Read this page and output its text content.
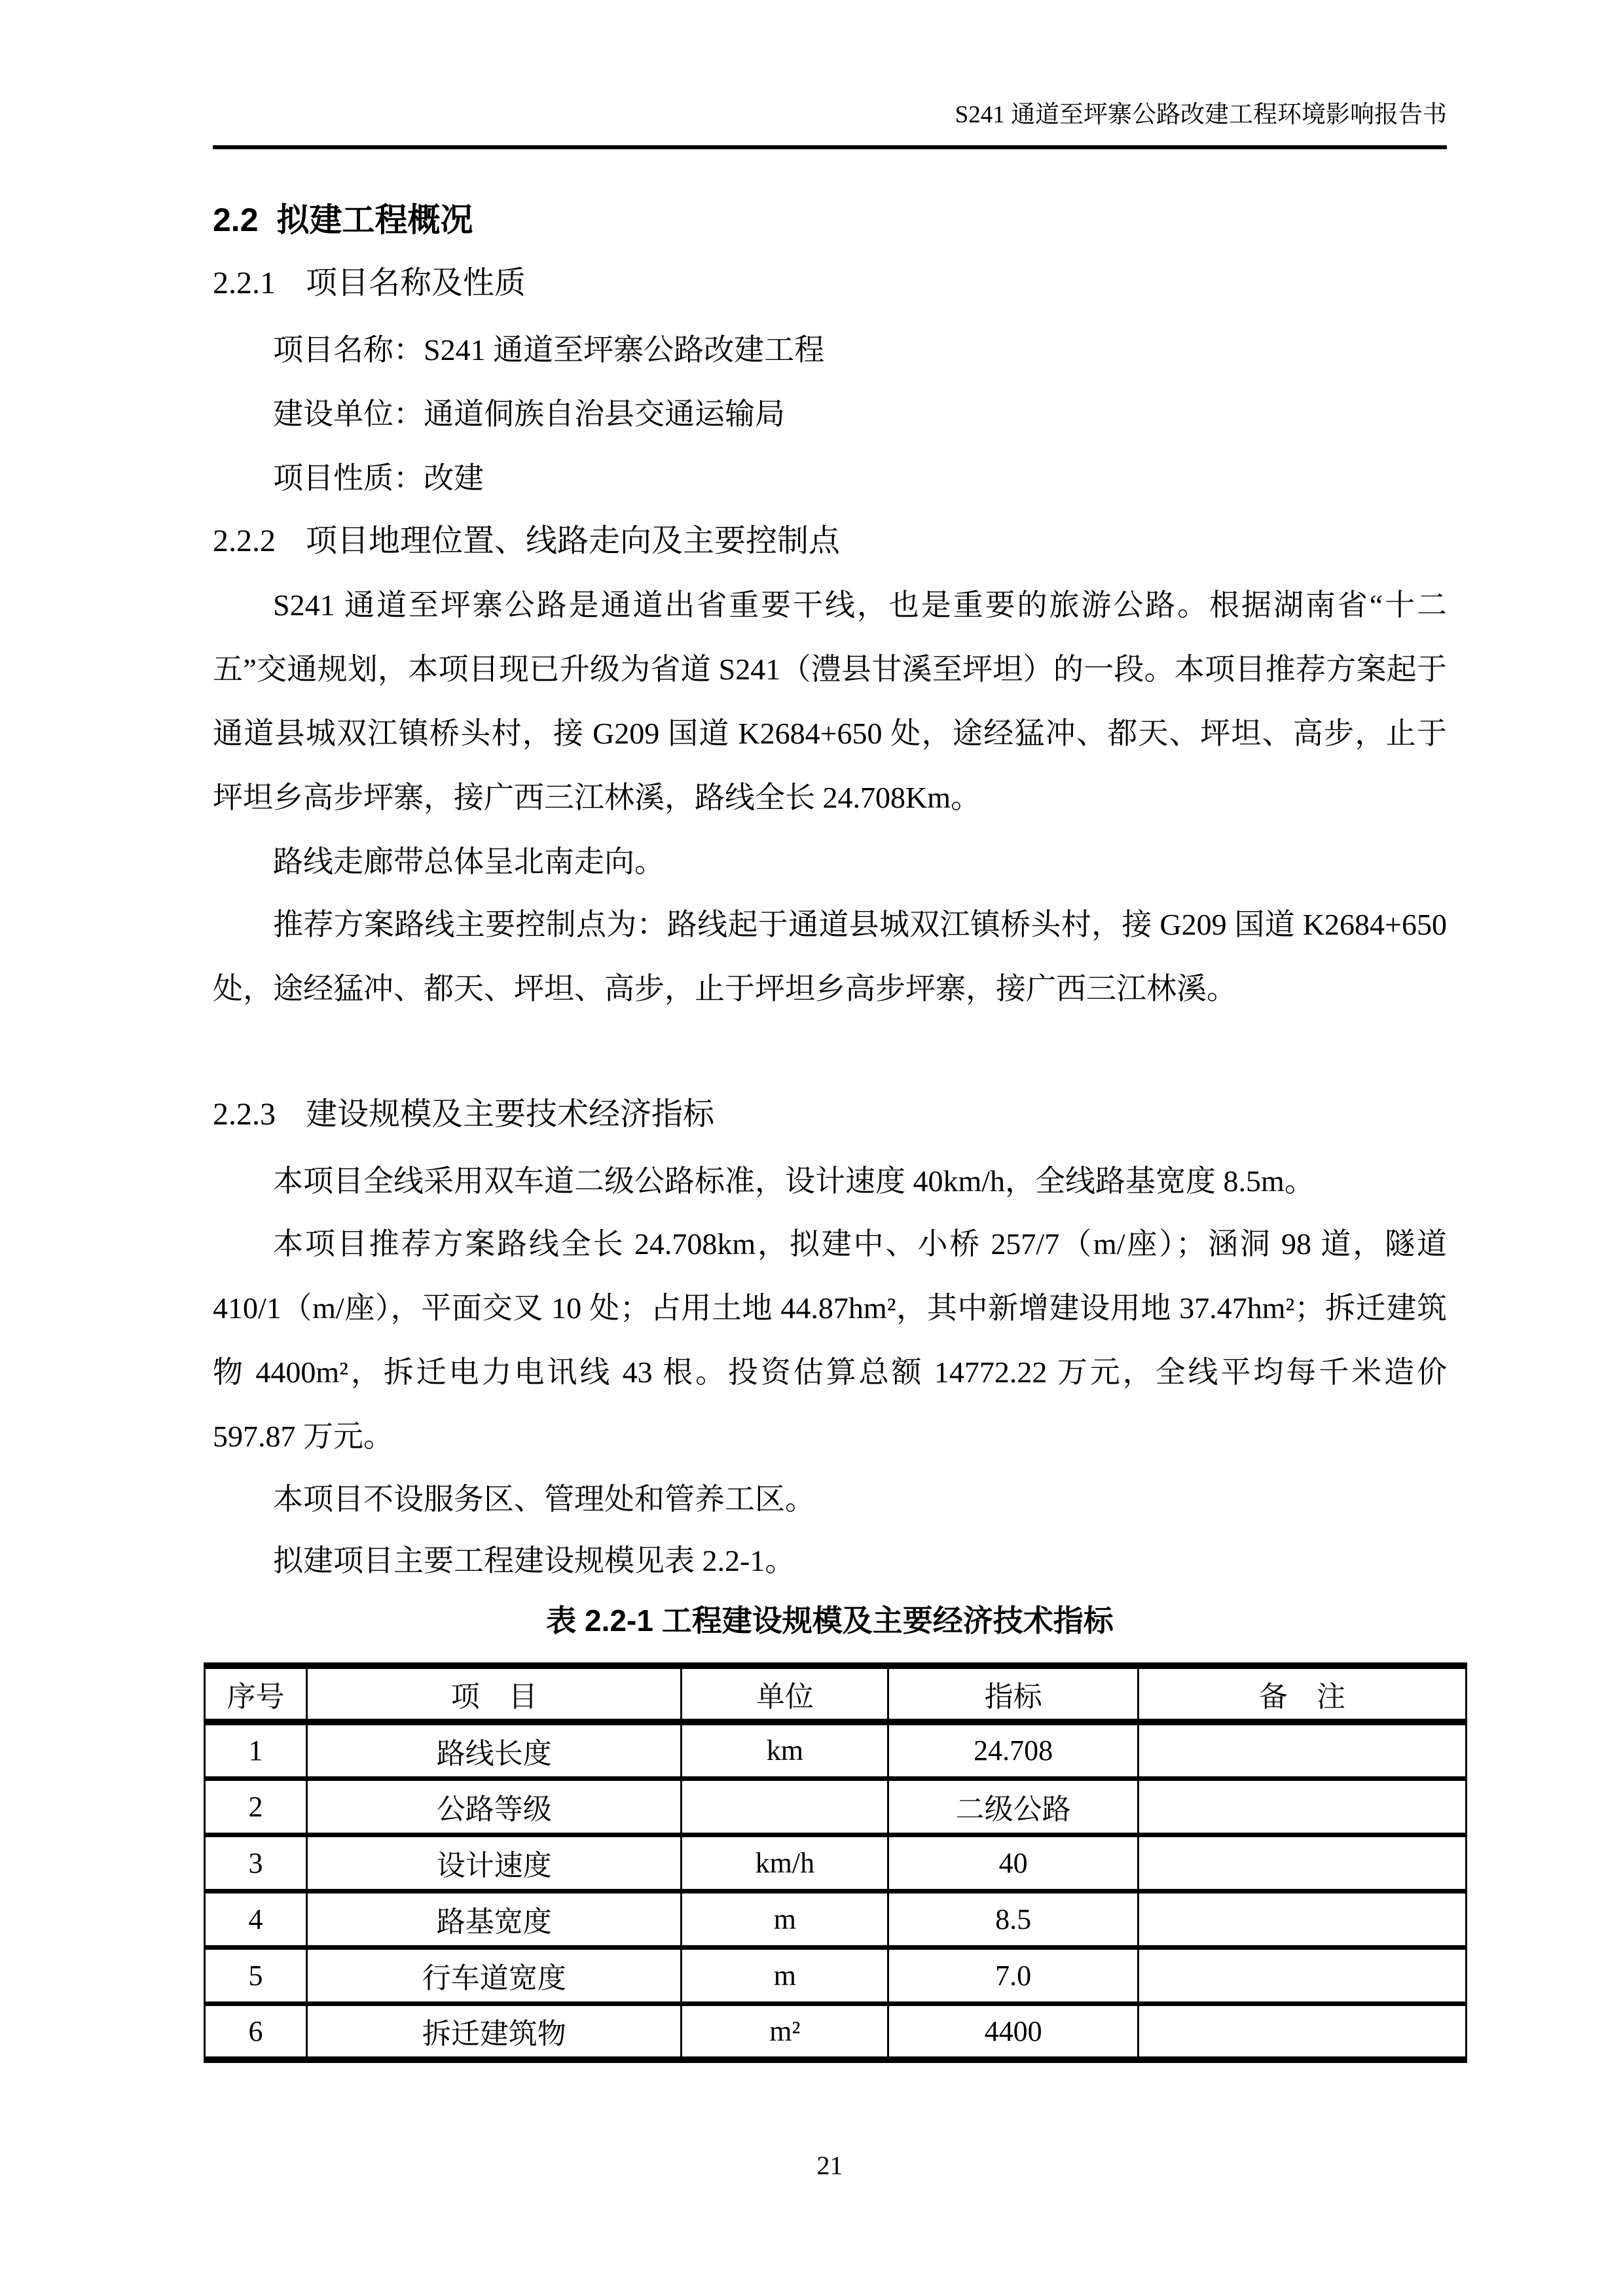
S241 通道至坪寨公路改建工程环境影响报告书
2.2 拟建工程概况
2.2.1 项目名称及性质

项目名称：S241 通道至坪寨公路改建工程

建设单位：通道侗族自治县交通运输局

项目性质：改建

2.2.2 项目地理位置、线路走向及主要控制点

S241 通道至坪寨公路是通道出省重要干线，也是重要的旅游公路。根据湖南省“十二五”交通规划，本项目现已升级为省道 S241（澧县甘溪至坪坦）的一段。本项目推荐方案起于通道县城双江镇桥头村，接 G209 国道 K2684+650 处，途经猛冲、都天、坪坦、高步，止于坪坦乡高步坪寨，接广西三江林溪，路线全长 24.708Km。

路线走廊带总体呈北南走向。

推荐方案路线主要控制点为：路线起于通道县城双江镇桥头村，接 G209 国道 K2684+650 处，途经猛冲、都天、坪坦、高步，止于坪坦乡高步坪寨，接广西三江林溪。

2.2.3 建设规模及主要技术经济指标

本项目全线采用双车道二级公路标准，设计速度 40km/h，全线路基宽度 8.5m。

本项目推荐方案路线全长 24.708km，拟建中、小桥 257/7（m/座）；涵洞 98 道，隧道 410/1（m/座），平面交叉 10 处；占用土地 44.87hm²，其中新增建设用地 37.47hm²；拆迁建筑物 4400m²，拆迁电力电讯线 43 根。投资估算总额 14772.22 万元，全线平均每千米造价 597.87 万元。

本项目不设服务区、管理处和管养工区。

拟建项目主要工程建设规模见表 2.2-1。

表 2.2-1 工程建设规模及主要经济技术指标
序号	项　目	单位	指标	备　注
1	路线长度	km	24.708	
2	公路等级		二级公路	
3	设计速度	km/h	40	
4	路基宽度	m	8.5	
5	行车道宽度	m	7.0	
6	拆迁建筑物	m²	4400	
21
